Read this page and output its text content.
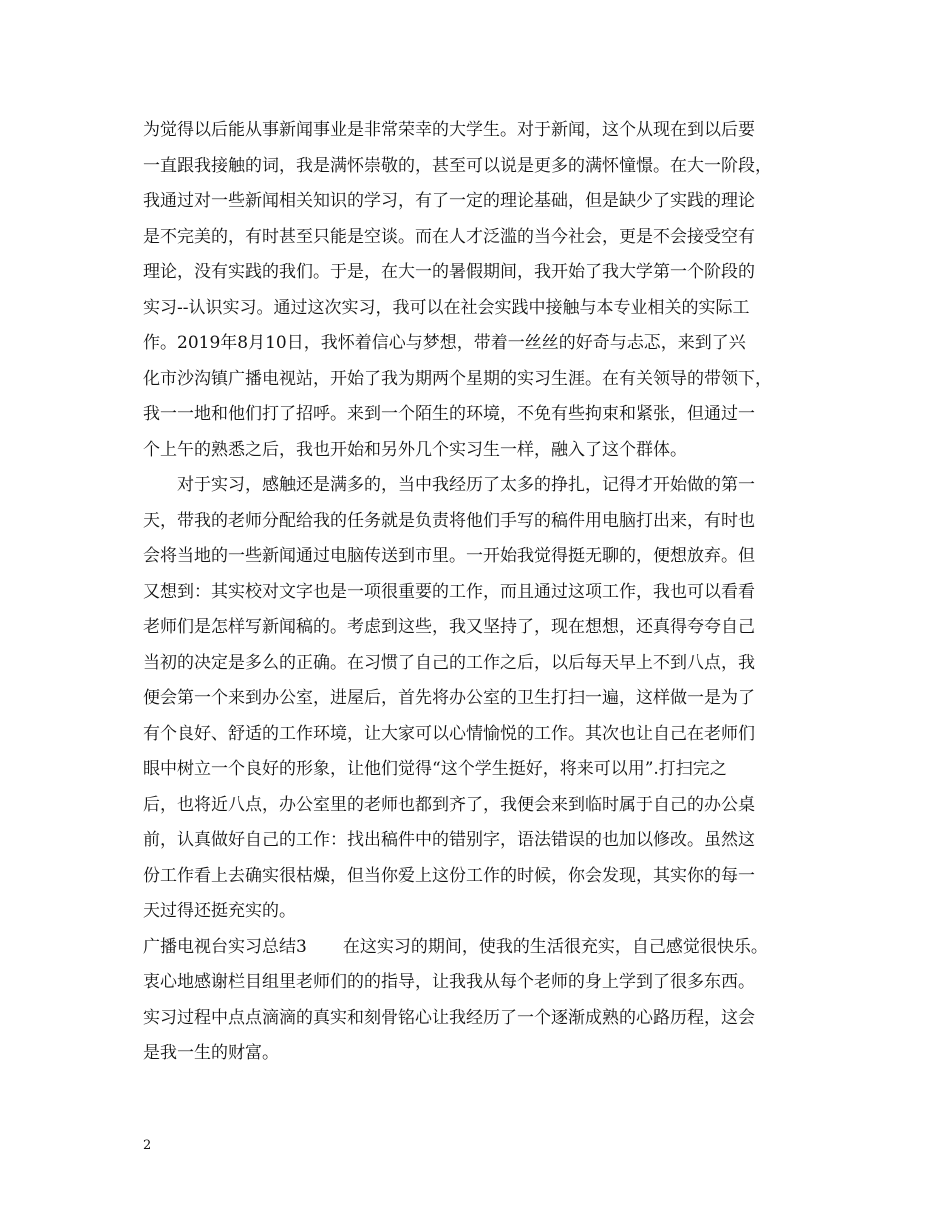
为觉得以后能从事新闻事业是非常荣幸的大学生。对于新闻，这个从现在到以后要
一直跟我接触的词，我是满怀崇敬的，甚至可以说是更多的满怀憧憬。在大一阶段，
我通过对一些新闻相关知识的学习，有了一定的理论基础，但是缺少了实践的理论
是不完美的，有时甚至只能是空谈。而在人才泛滥的当今社会，更是不会接受空有
理论，没有实践的我们。于是，在大一的暑假期间，我开始了我大学第一个阶段的
实习--认识实习。通过这次实习，我可以在社会实践中接触与本专业相关的实际工
作。2019年8月10日，我怀着信心与梦想，带着一丝丝的好奇与忐忑，来到了兴
化市沙沟镇广播电视站，开始了我为期两个星期的实习生涯。在有关领导的带领下，
我一一地和他们打了招呼。来到一个陌生的环境，不免有些拘束和紧张，但通过一
个上午的熟悉之后，我也开始和另外几个实习生一样，融入了这个群体。
对于实习，感触还是满多的，当中我经历了太多的挣扎，记得才开始做的第一
天，带我的老师分配给我的任务就是负责将他们手写的稿件用电脑打出来，有时也
会将当地的一些新闻通过电脑传送到市里。一开始我觉得挺无聊的，便想放弃。但
又想到：其实校对文字也是一项很重要的工作，而且通过这项工作，我也可以看看
老师们是怎样写新闻稿的。考虑到这些，我又坚持了，现在想想，还真得夸夸自己
当初的决定是多么的正确。在习惯了自己的工作之后，以后每天早上不到八点，我
便会第一个来到办公室，进屋后，首先将办公室的卫生打扫一遍，这样做一是为了
有个良好、舒适的工作环境，让大家可以心情愉悦的工作。其次也让自己在老师们
眼中树立一个良好的形象，让他们觉得“这个学生挺好，将来可以用”.打扫完之
后，也将近八点，办公室里的老师也都到齐了，我便会来到临时属于自己的办公桌
前，认真做好自己的工作：找出稿件中的错别字，语法错误的也加以修改。虽然这
份工作看上去确实很枯燥，但当你爱上这份工作的时候，你会发现，其实你的每一
天过得还挺充实的。
广播电视台实习总结3 在这实习的期间，使我的生活很充实，自己感觉很快乐。
衷心地感谢栏目组里老师们的的指导，让我我从每个老师的身上学到了很多东西。
实习过程中点点滴滴的真实和刻骨铭心让我经历了一个逐渐成熟的心路历程，这会
是我一生的财富。
2
